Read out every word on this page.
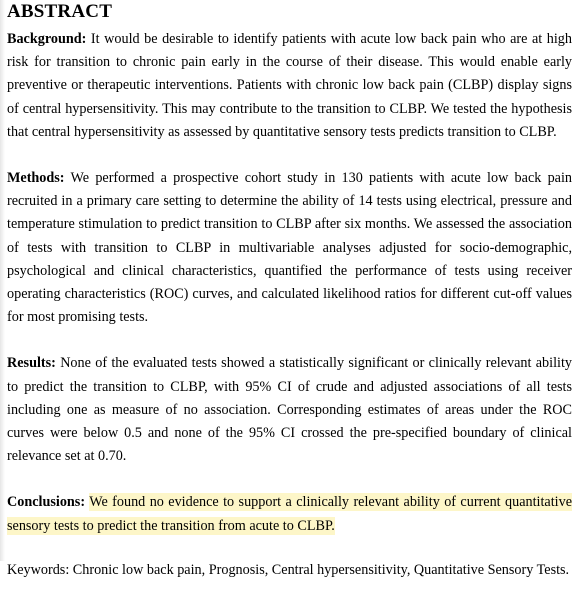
ABSTRACT

Background: It would be desirable to identify patients with acute low back pain who are at high risk for transition to chronic pain early in the course of their disease. This would enable early preventive or therapeutic interventions. Patients with chronic low back pain (CLBP) display signs of central hypersensitivity. This may contribute to the transition to CLBP. We tested the hypothesis that central hypersensitivity as assessed by quantitative sensory tests predicts transition to CLBP.

Methods: We performed a prospective cohort study in 130 patients with acute low back pain recruited in a primary care setting to determine the ability of 14 tests using electrical, pressure and temperature stimulation to predict transition to CLBP after six months. We assessed the association of tests with transition to CLBP in multivariable analyses adjusted for socio-demographic, psychological and clinical characteristics, quantified the performance of tests using receiver operating characteristics (ROC) curves, and calculated likelihood ratios for different cut-off values for most promising tests.

Results: None of the evaluated tests showed a statistically significant or clinically relevant ability to predict the transition to CLBP, with 95% CI of crude and adjusted associations of all tests including one as measure of no association. Corresponding estimates of areas under the ROC curves were below 0.5 and none of the 95% CI crossed the pre-specified boundary of clinical relevance set at 0.70.

Conclusions: We found no evidence to support a clinically relevant ability of current quantitative sensory tests to predict the transition from acute to CLBP.

Keywords: Chronic low back pain, Prognosis, Central hypersensitivity, Quantitative Sensory Tests.
